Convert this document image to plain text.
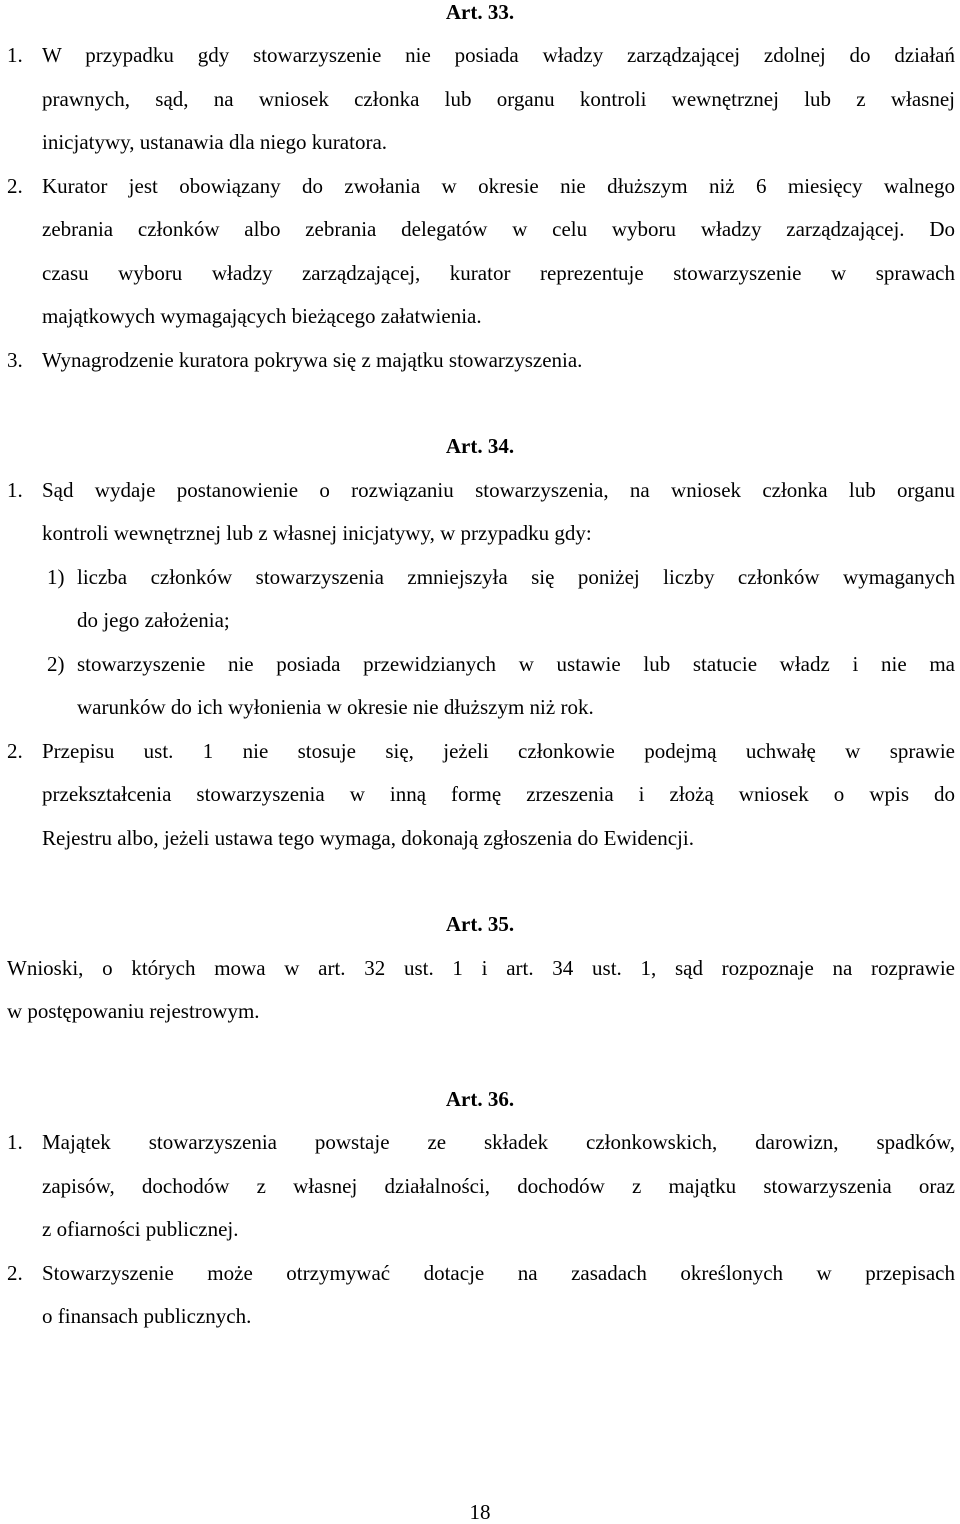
Art. 33.
1. W przypadku gdy stowarzyszenie nie posiada władzy zarządzającej zdolnej do działań
prawnych, sąd, na wniosek członka lub organu kontroli wewnętrznej lub z własnej
inicjatywy, ustanawia dla niego kuratora.
2. Kurator jest obowiązany do zwołania w okresie nie dłuższym niż 6 miesięcy walnego
zebrania członków albo zebrania delegatów w celu wyboru władzy zarządzającej. Do
czasu wyboru władzy zarządzającej, kurator reprezentuje stowarzyszenie w sprawach
majątkowych wymagających bieżącego załatwienia.
3. Wynagrodzenie kuratora pokrywa się z majątku stowarzyszenia.
Art. 34.
1. Sąd wydaje postanowienie o rozwiązaniu stowarzyszenia, na wniosek członka lub organu
kontroli wewnętrznej lub z własnej inicjatywy, w przypadku gdy:
1) liczba członków stowarzyszenia zmniejszyła się poniżej liczby członków wymaganych
do jego założenia;
2) stowarzyszenie nie posiada przewidzianych w ustawie lub statucie władz i nie ma
warunków do ich wyłonienia w okresie nie dłuższym niż rok.
2. Przepisu ust. 1 nie stosuje się, jeżeli członkowie podejmą uchwałę w sprawie
przekształcenia stowarzyszenia w inną formę zrzeszenia i złożą wniosek o wpis do
Rejestru albo, jeżeli ustawa tego wymaga, dokonają zgłoszenia do Ewidencji.
Art. 35.
Wnioski, o których mowa w art. 32 ust. 1 i art. 34 ust. 1, sąd rozpoznaje na rozprawie
w postępowaniu rejestrowym.
Art. 36.
1. Majątek stowarzyszenia powstaje ze składek członkowskich, darowizn, spadków,
zapisów, dochodów z własnej działalności, dochodów z majątku stowarzyszenia oraz
z ofiarności publicznej.
2. Stowarzyszenie może otrzymywać dotacje na zasadach określonych w przepisach
o finansach publicznych.
18
